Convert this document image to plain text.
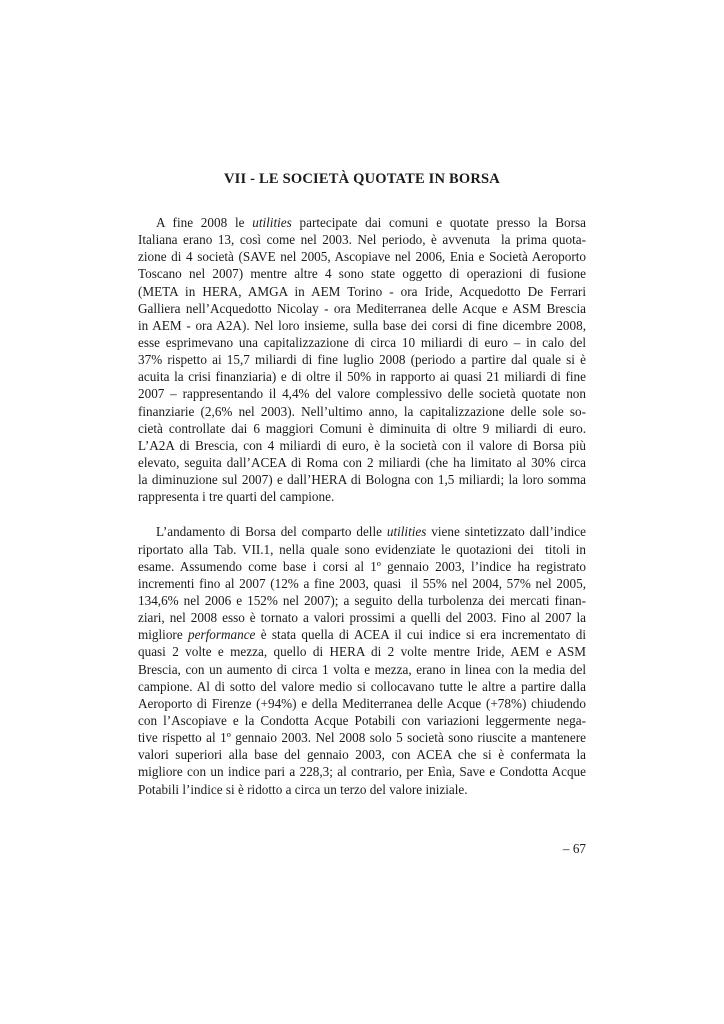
VII - LE SOCIETÀ QUOTATE IN BORSA

A fine 2008 le utilities partecipate dai comuni e quotate presso la Borsa
Italiana erano 13, così come nel 2003. Nel periodo, è avvenuta  la prima quota-
zione di 4 società (SAVE nel 2005, Ascopiave nel 2006, Enia e Società Aeroporto
Toscano nel 2007) mentre altre 4 sono state oggetto di operazioni di fusione
(META in HERA, AMGA in AEM Torino - ora Iride, Acquedotto De Ferrari
Galliera nell’Acquedotto Nicolay - ora Mediterranea delle Acque e ASM Brescia
in AEM - ora A2A). Nel loro insieme, sulla base dei corsi di fine dicembre 2008,
esse esprimevano una capitalizzazione di circa 10 miliardi di euro – in calo del
37% rispetto ai 15,7 miliardi di fine luglio 2008 (periodo a partire dal quale si è
acuita la crisi finanziaria) e di oltre il 50% in rapporto ai quasi 21 miliardi di fine
2007 – rappresentando il 4,4% del valore complessivo delle società quotate non
finanziarie (2,6% nel 2003). Nell’ultimo anno, la capitalizzazione delle sole so-
cietà controllate dai 6 maggiori Comuni è diminuita di oltre 9 miliardi di euro.
L’A2A di Brescia, con 4 miliardi di euro, è la società con il valore di Borsa più
elevato, seguita dall’ACEA di Roma con 2 miliardi (che ha limitato al 30% circa
la diminuzione sul 2007) e dall’HERA di Bologna con 1,5 miliardi; la loro somma
rappresenta i tre quarti del campione.

L’andamento di Borsa del comparto delle utilities viene sintetizzato dall’indice
riportato alla Tab. VII.1, nella quale sono evidenziate le quotazioni dei  titoli in
esame. Assumendo come base i corsi al 1º gennaio 2003, l’indice ha registrato
incrementi fino al 2007 (12% a fine 2003, quasi  il 55% nel 2004, 57% nel 2005,
134,6% nel 2006 e 152% nel 2007); a seguito della turbolenza dei mercati finan-
ziari, nel 2008 esso è tornato a valori prossimi a quelli del 2003. Fino al 2007 la
migliore performance è stata quella di ACEA il cui indice si era incrementato di
quasi 2 volte e mezza, quello di HERA di 2 volte mentre Iride, AEM e ASM
Brescia, con un aumento di circa 1 volta e mezza, erano in linea con la media del
campione. Al di sotto del valore medio si collocavano tutte le altre a partire dalla
Aeroporto di Firenze (+94%) e della Mediterranea delle Acque (+78%) chiudendo
con l’Ascopiave e la Condotta Acque Potabili con variazioni leggermente nega-
tive rispetto al 1º gennaio 2003. Nel 2008 solo 5 società sono riuscite a mantenere
valori superiori alla base del gennaio 2003, con ACEA che si è confermata la
migliore con un indice pari a 228,3; al contrario, per Enìa, Save e Condotta Acque
Potabili l’indice si è ridotto a circa un terzo del valore iniziale.

– 67
